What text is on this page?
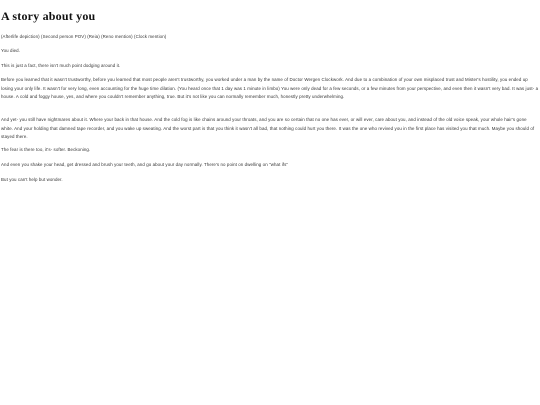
A story about you

(Afterlife depiction) (Second person POV) (Reia) (Reno mention) (Clock mention)

You died.

This is just a fact, there isn't much point dodging around it.

Before you learned that it wasn't trustworthy, before you learned that most people aren't trustworthy, you worked under a man by the name of Doctor Wergen Clockwork. And due to a combination of your own misplaced trust and Mister's hostility, you ended up losing your only life. It wasn't for very long, even accounting for the huge time dilation. (You heard once that 1 day was 1 minute in limbo) You were only dead for a few seconds, or a few minutes from your perspective, and even then it wasn't very bad. It was just- a house. A cold and foggy house, yes, and where you couldn't remember anything, true. But it's not like you can normally remember much, honestly pretty underwhelming.

And yet- you still have nightmares about it. Where your back in that house. And the cold fog is like chains around your throats, and you are so certain that no one has ever, or will ever, care about you, and instead of the old voice speak, your whole hair's gone white. And your holding that damned tape recorder, and you wake up sweating. And the worst part is that you think it wasn't all bad, that nothing could hurt you there. It was the one who revived you in the first place has visited you that much. Maybe you should of stayed there.

The fear is there too, it's- softer. Beckoning.

And even you shake your head, get dressed and brush your teeth, and go about your day normally. There's no point on dwelling on "what ifs"

But you can't help but wonder.
